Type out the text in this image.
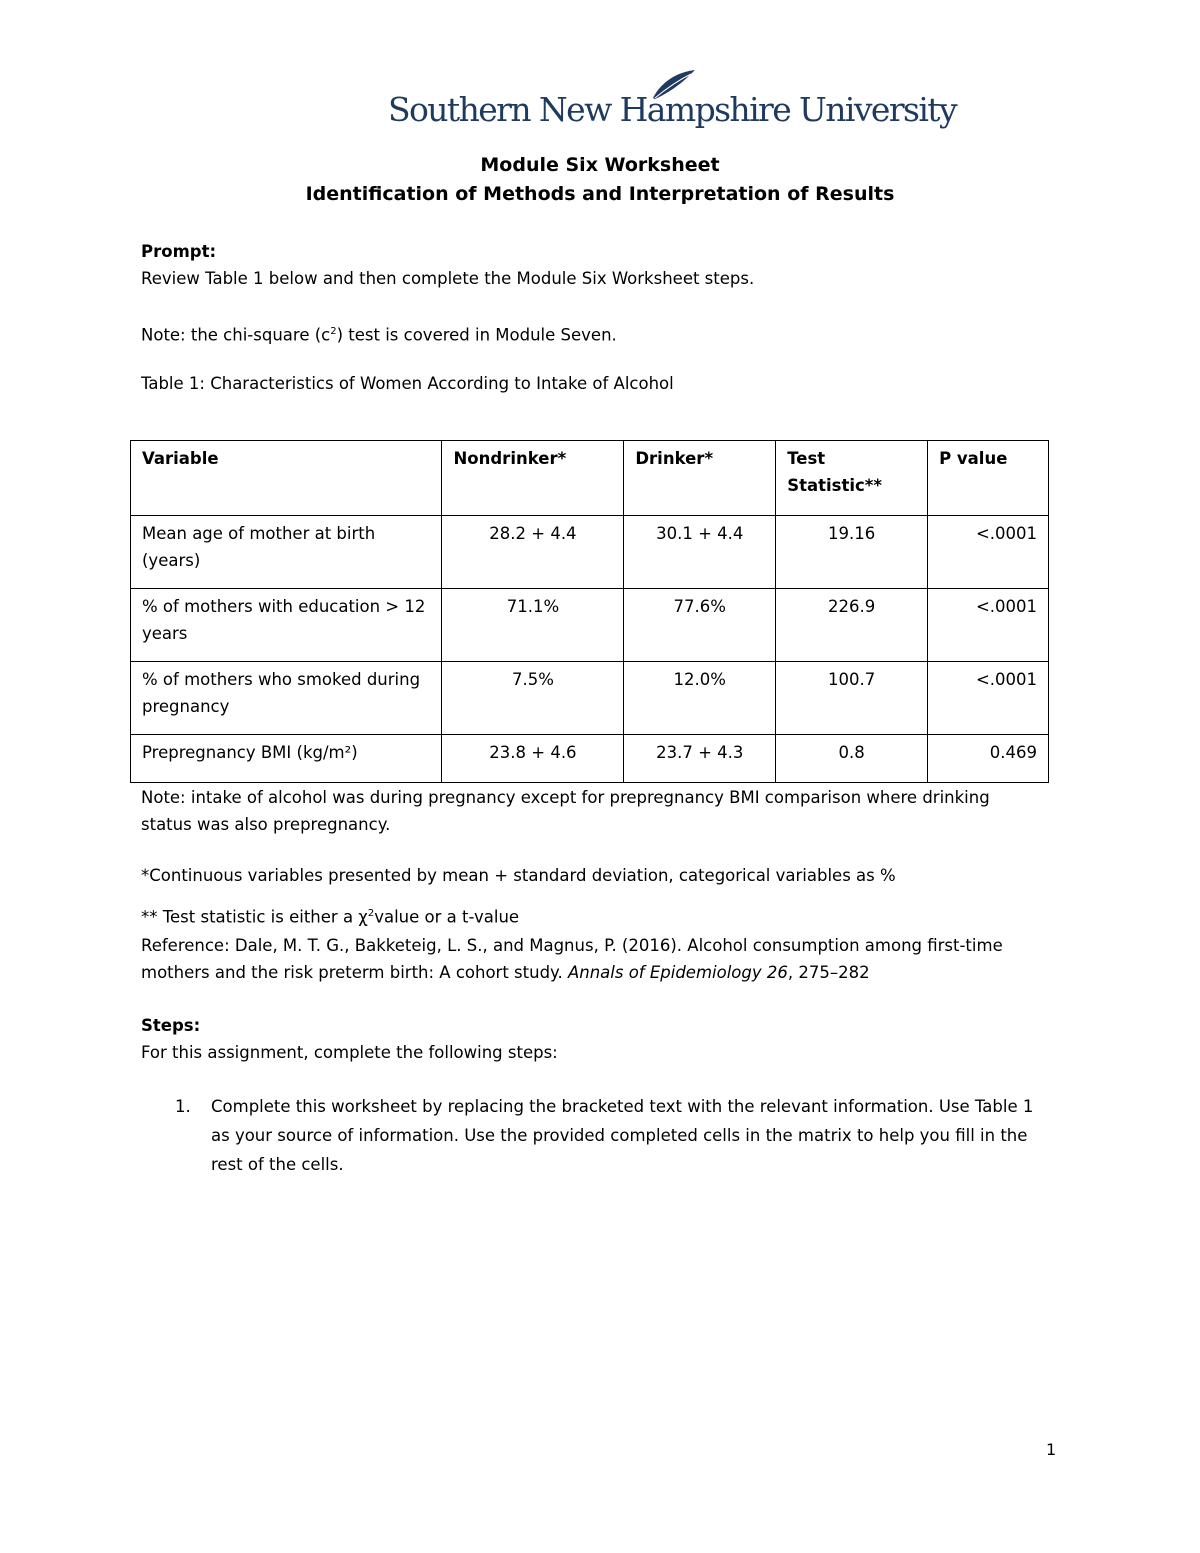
Southern New Hampshire University
Module Six Worksheet
Identification of Methods and Interpretation of Results
Prompt:
Review Table 1 below and then complete the Module Six Worksheet steps.
Note: the chi-square $(c^2)$ test is covered in Module Seven.
Table 1: Characteristics of Women According to Intake of Alcohol
Variable	Nondrinker*	Drinker*	Test Statistic**	P value
Mean age of mother at birth (years)	28.2 + 4.4	30.1 + 4.4	19.16	<.0001
% of mothers with education > 12 years	71.1%	77.6%	226.9	<.0001
% of mothers who smoked during pregnancy	7.5%	12.0%	100.7	<.0001
Prepregnancy BMI (kg/m²)	23.8 + 4.6	23.7 + 4.3	0.8	0.469
Note: intake of alcohol was during pregnancy except for prepregnancy BMI comparison where drinking
status was also prepregnancy.
*Continuous variables presented by mean + standard deviation, categorical variables as %
** Test statistic is either a $\chi^2value$ or a t-value
Reference: Dale, M. T. G., Bakketeig, L. S., and Magnus, P. (2016). Alcohol consumption among first-time
mothers and the risk preterm birth: A cohort study. Annals of Epidemiology 26, 275–282
Steps:
For this assignment, complete the following steps:
1. Complete this worksheet by replacing the bracketed text with the relevant information. Use Table 1 as your source of information. Use the provided completed cells in the matrix to help you fill in the rest of the cells.
1
